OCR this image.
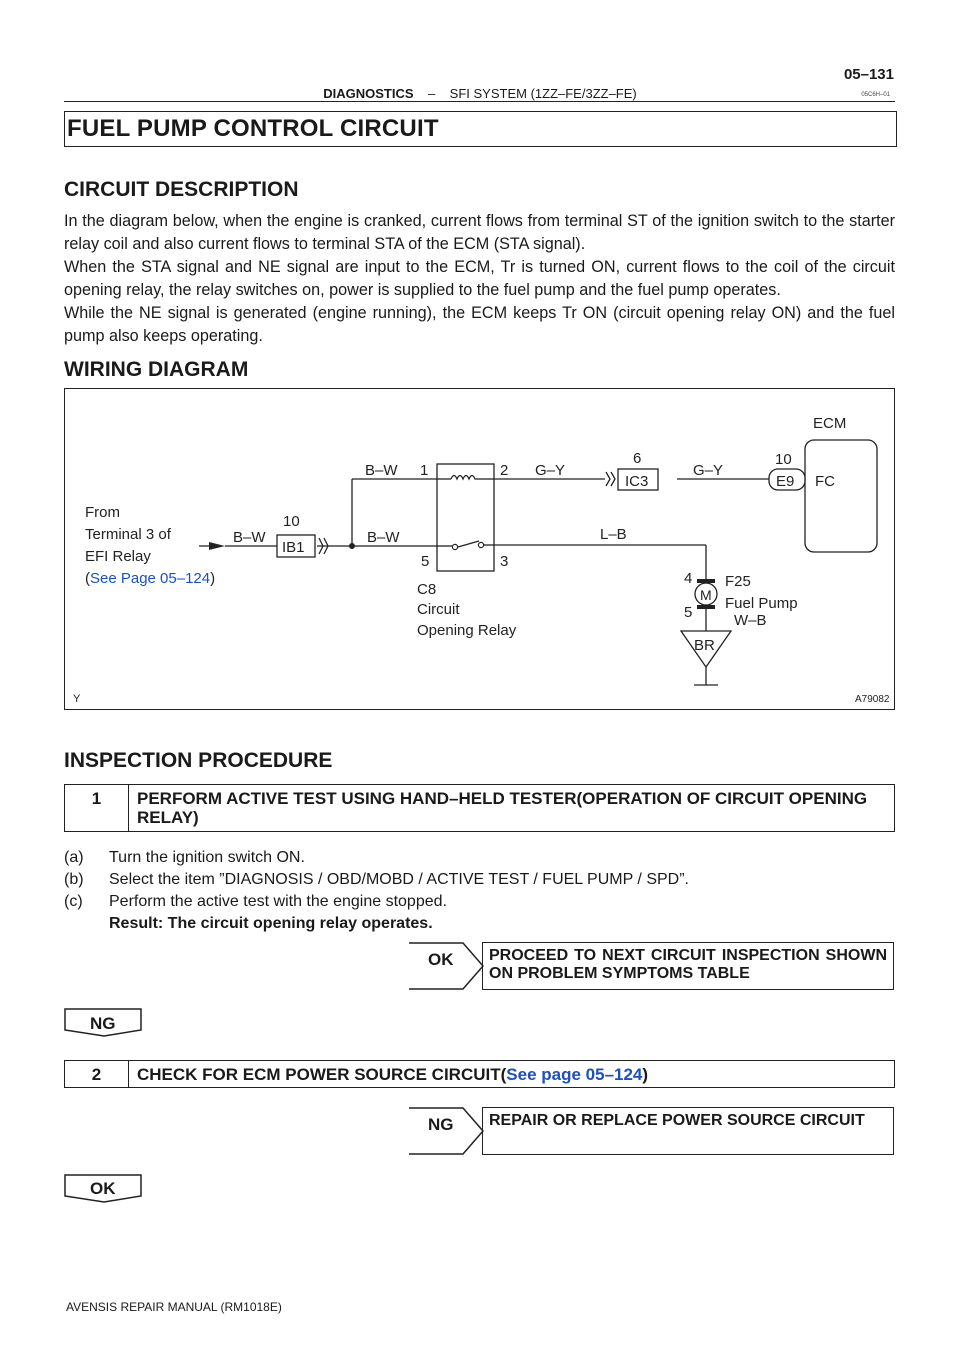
05–131
DIAGNOSTICS – SFI SYSTEM (1ZZ–FE/3ZZ–FE)	05C6H–01
FUEL PUMP CONTROL CIRCUIT
CIRCUIT DESCRIPTION

In the diagram below, when the engine is cranked, current flows from terminal ST of the ignition switch to the starter relay coil and also current flows to terminal STA of the ECM (STA signal).

When the STA signal and NE signal are input to the ECM, Tr is turned ON, current flows to the coil of the circuit opening relay, the relay switches on, power is supplied to the fuel pump and the fuel pump operates.

While the NE signal is generated (engine running), the ECM keeps Tr ON (circuit opening relay ON) and the fuel pump also keeps operating.

WIRING DIAGRAM
From
Terminal 3 of
EFI Relay
(See Page 05–124)
B–W
10
IB1
B–W
B–W
1	2
5	3
G–Y
6
IC3
G–Y
10
E9 FC
ECM
L–B
C8
Circuit
Opening Relay
4
5
M
F25
Fuel Pump
W–B
BR
Y	A79082
INSPECTION PROCEDURE
1	PERFORM ACTIVE TEST USING HAND–HELD TESTER(OPERATION OF CIRCUIT OPENING RELAY)
(a) Turn the ignition switch ON.
(b) Select the item ”DIAGNOSIS / OBD/MOBD / ACTIVE TEST / FUEL PUMP / SPD”.
(c) Perform the active test with the engine stopped.
Result: The circuit opening relay operates.
OK	PROCEED TO NEXT CIRCUIT INSPECTION SHOWN ON PROBLEM SYMPTOMS TABLE
NG
2	CHECK FOR ECM POWER SOURCE CIRCUIT(See page 05–124)
NG	REPAIR OR REPLACE POWER SOURCE CIRCUIT
OK
AVENSIS REPAIR MANUAL (RM1018E)
